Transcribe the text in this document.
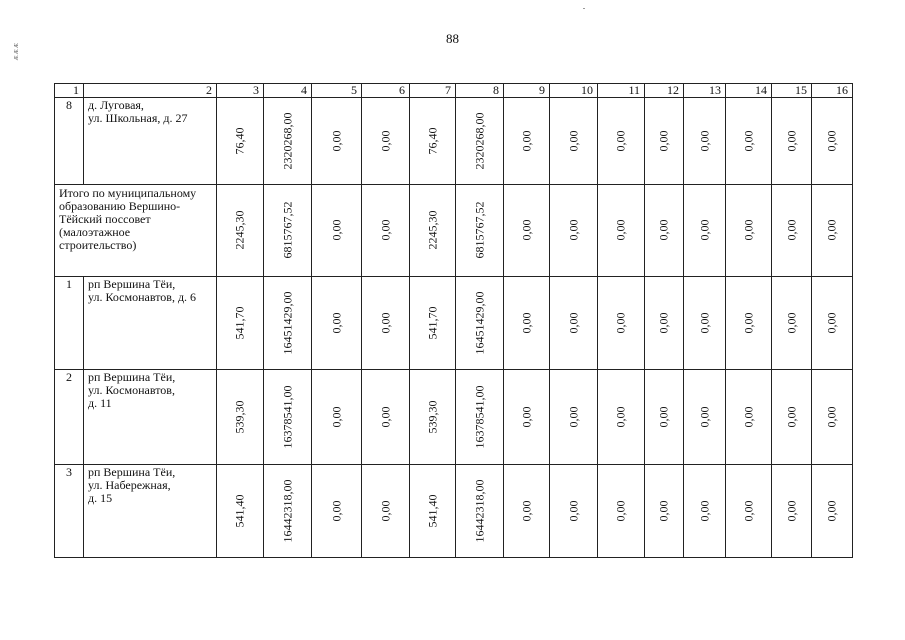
ᴁᴁᴁ
88
1	2	3	4	5	6	7	8	9	10	11	12	13	14	15	16
8	д. Луговая,
ул. Школьная, д. 27	76,40	2320268,00	0,00	0,00	76,40	2320268,00	0,00	0,00	0,00	0,00	0,00	0,00	0,00	0,00

Итого по муниципальному
образованию Вершино-
Тёйский поссовет
(малоэтажное
строительство)		2245,30	6815767,52	0,00	0,00	2245,30	6815767,52	0,00	0,00	0,00	0,00	0,00	0,00	0,00	0,00

1	рп Вершина Тёи,
ул. Космонавтов, д. 6	541,70	16451429,00	0,00	0,00	541,70	16451429,00	0,00	0,00	0,00	0,00	0,00	0,00	0,00	0,00

2	рп Вершина Тёи,
ул. Космонавтов,
д. 11	539,30	16378541,00	0,00	0,00	539,30	16378541,00	0,00	0,00	0,00	0,00	0,00	0,00	0,00	0,00

3	рп Вершина Тёи,
ул. Набережная,
д. 15	541,40	16442318,00	0,00	0,00	541,40	16442318,00	0,00	0,00	0,00	0,00	0,00	0,00	0,00	0,00
